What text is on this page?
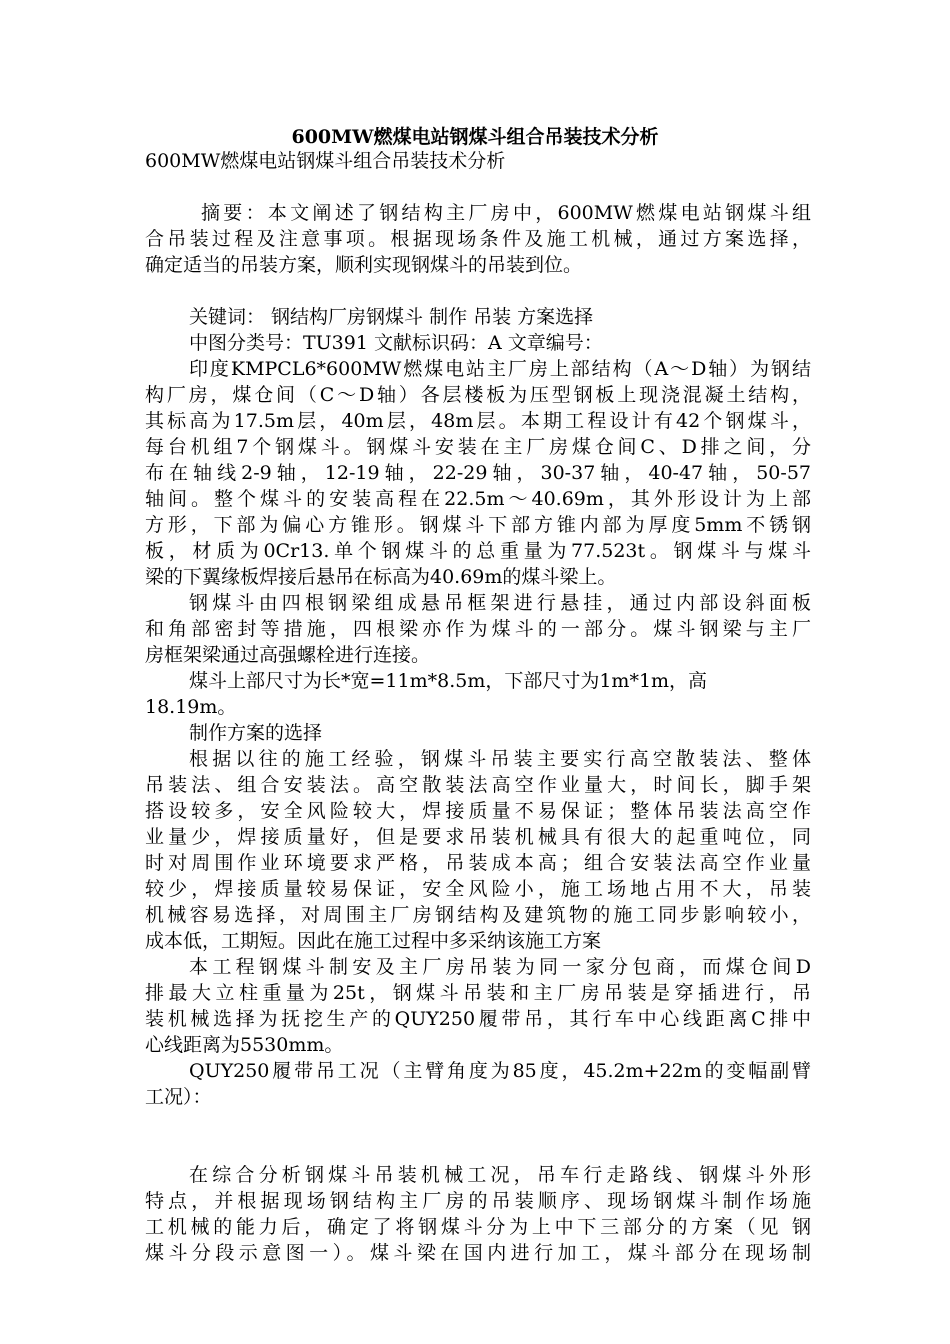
600MW燃煤电站钢煤斗组合吊装技术分析
600MW燃煤电站钢煤斗组合吊装技术分析
摘要：本文阐述了钢结构主厂房中，600MW燃煤电站钢煤斗组
合吊装过程及注意事项。根据现场条件及施工机械，通过方案选择，
确定适当的吊装方案，顺利实现钢煤斗的吊装到位。
关键词： 钢结构厂房钢煤斗 制作 吊装 方案选择
中图分类号：TU391 文献标识码：A 文章编号：
印度KMPCL6*600MW燃煤电站主厂房上部结构（A～D轴）为钢结
构厂房，煤仓间（C～D轴）各层楼板为压型钢板上现浇混凝土结构，
其标高为17.5m层，40m层，48m层。本期工程设计有42个钢煤斗，
每台机组7个钢煤斗。钢煤斗安装在主厂房煤仓间C、D排之间，分
布在轴线2-9轴，12-19轴，22-29轴，30-37轴，40-47轴，50-57
轴间。整个煤斗的安装高程在22.5m～40.69m，其外形设计为上部
方形，下部为偏心方锥形。钢煤斗下部方锥内部为厚度5mm不锈钢
板，材质为0Cr13.单个钢煤斗的总重量为77.523t。钢煤斗与煤斗
梁的下翼缘板焊接后悬吊在标高为40.69m的煤斗梁上。
钢煤斗由四根钢梁组成悬吊框架进行悬挂，通过内部设斜面板
和角部密封等措施，四根梁亦作为煤斗的一部分。煤斗钢梁与主厂
房框架梁通过高强螺栓进行连接。
煤斗上部尺寸为长*宽=11m*8.5m，下部尺寸为1m*1m，高
18.19m。
制作方案的选择
根据以往的施工经验，钢煤斗吊装主要实行高空散装法、整体
吊装法、组合安装法。高空散装法高空作业量大，时间长，脚手架
搭设较多，安全风险较大，焊接质量不易保证；整体吊装法高空作
业量少，焊接质量好，但是要求吊装机械具有很大的起重吨位，同
时对周围作业环境要求严格，吊装成本高；组合安装法高空作业量
较少，焊接质量较易保证，安全风险小，施工场地占用不大，吊装
机械容易选择，对周围主厂房钢结构及建筑物的施工同步影响较小，
成本低，工期短。因此在施工过程中多采纳该施工方案
本工程钢煤斗制安及主厂房吊装为同一家分包商，而煤仓间D
排最大立柱重量为25t，钢煤斗吊装和主厂房吊装是穿插进行，吊
装机械选择为抚挖生产的QUY250履带吊，其行车中心线距离C排中
心线距离为5530mm。
QUY250履带吊工况（主臂角度为85度，45.2m+22m的变幅副臂
工况）：
在综合分析钢煤斗吊装机械工况，吊车行走路线、钢煤斗外形
特点，并根据现场钢结构主厂房的吊装顺序、现场钢煤斗制作场施
工机械的能力后，确定了将钢煤斗分为上中下三部分的方案（见 钢
煤斗分段示意图一）。煤斗梁在国内进行加工，煤斗部分在现场制
